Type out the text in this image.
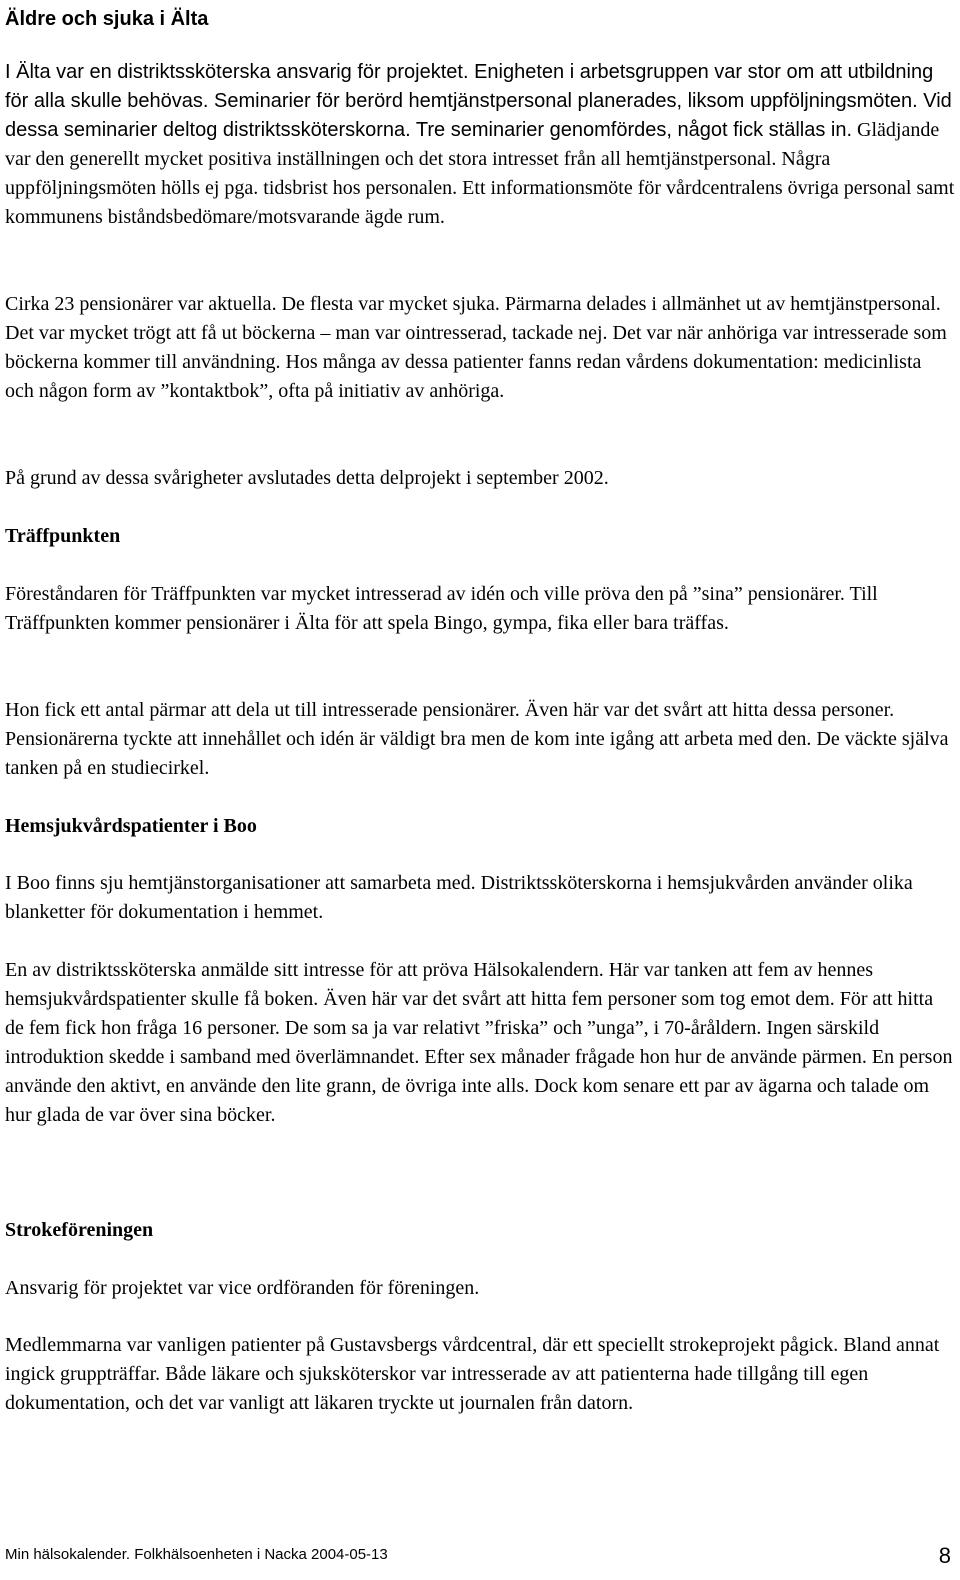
Äldre och sjuka i Älta

I Älta var en distriktssköterska ansvarig för projektet. Enigheten i arbetsgruppen var stor om att utbildning för alla skulle behövas. Seminarier för berörd hemtjänstpersonal planerades, liksom uppföljningsmöten. Vid dessa seminarier deltog distriktssköterskorna. Tre seminarier genomfördes, något fick ställas in. Glädjande var den generellt mycket positiva inställningen och det stora intresset från all hemtjänstpersonal. Några uppföljningsmöten hölls ej pga. tidsbrist hos personalen. Ett informationsmöte för vårdcentralens övriga personal samt kommunens biståndsbedömare/motsvarande ägde rum.

Cirka 23 pensionärer var aktuella. De flesta var mycket sjuka. Pärmarna delades i allmänhet ut av hemtjänstpersonal. Det var mycket trögt att få ut böckerna – man var ointresserad, tackade nej. Det var när anhöriga var intresserade som böckerna kommer till användning. Hos många av dessa patienter fanns redan vårdens dokumentation: medicinlista och någon form av ”kontaktbok”, ofta på initiativ av anhöriga.

På grund av dessa svårigheter avslutades detta delprojekt i september 2002.

Träffpunkten

Föreståndaren för Träffpunkten var mycket intresserad av idén och ville pröva den på ”sina” pensionärer. Till Träffpunkten kommer pensionärer i Älta för att spela Bingo, gympa, fika eller bara träffas.

Hon fick ett antal pärmar att dela ut till intresserade pensionärer. Även här var det svårt att hitta dessa personer. Pensionärerna tyckte att innehållet och idén är väldigt bra men de kom inte igång att arbeta med den. De väckte själva tanken på en studiecirkel.

Hemsjukvårdspatienter i Boo

I Boo finns sju hemtjänstorganisationer att samarbeta med. Distriktssköterskorna i hemsjukvården använder olika blanketter för dokumentation i hemmet.

En av distriktssköterska anmälde sitt intresse för att pröva Hälsokalendern. Här var tanken att fem av hennes hemsjukvårdspatienter skulle få boken. Även här var det svårt att hitta fem personer som tog emot dem. För att hitta de fem fick hon fråga 16 personer. De som sa ja var relativt ”friska” och ”unga”, i 70-åråldern. Ingen särskild introduktion skedde i samband med överlämnandet. Efter sex månader frågade hon hur de använde pärmen. En person använde den aktivt, en använde den lite grann, de övriga inte alls. Dock kom senare ett par av ägarna och talade om hur glada de var över sina böcker.

Strokeföreningen

Ansvarig för projektet var vice ordföranden för föreningen.

Medlemmarna var vanligen patienter på Gustavsbergs vårdcentral, där ett speciellt strokeprojekt pågick. Bland annat ingick gruppträffar. Både läkare och sjuksköterskor var intresserade av att patienterna hade tillgång till egen dokumentation, och det var vanligt att läkaren tryckte ut journalen från datorn.

Min hälsokalender. Folkhälsoenheten i Nacka 2004-05-13	8
